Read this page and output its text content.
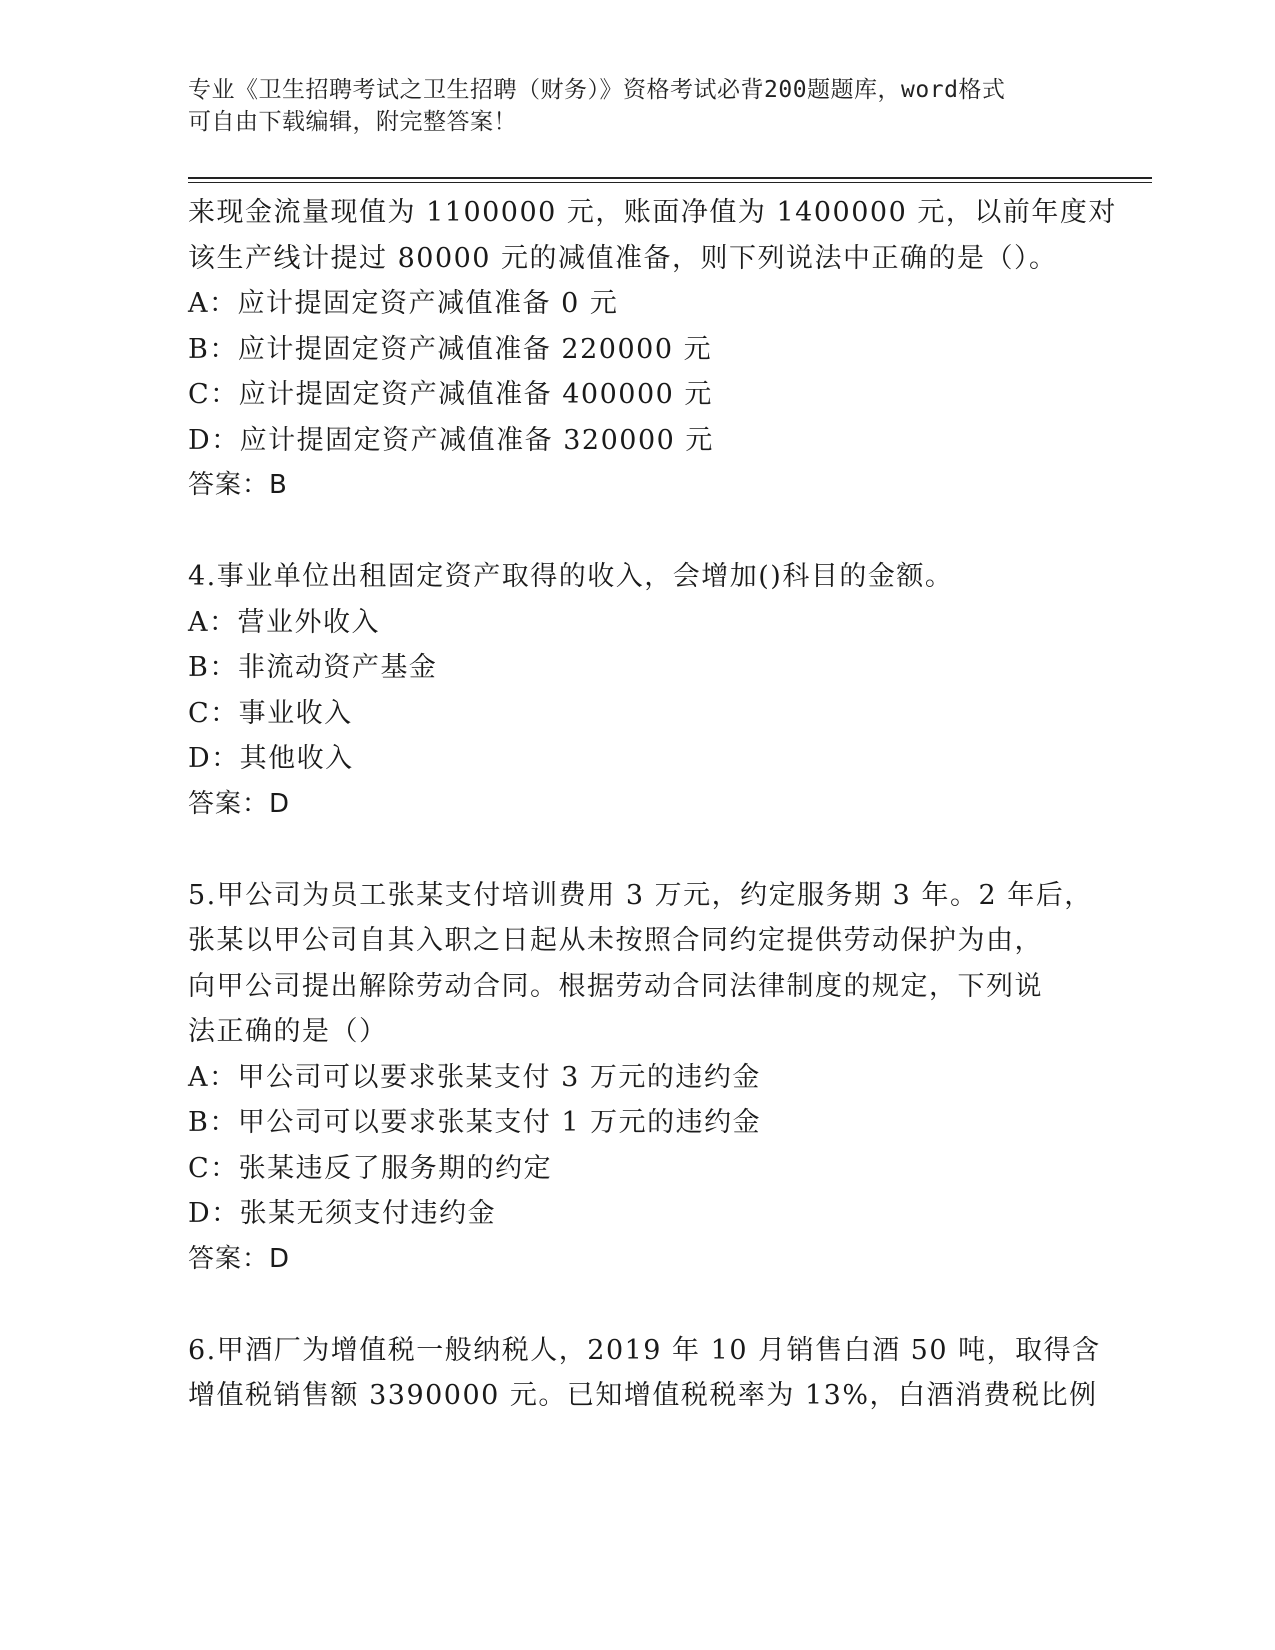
专业《卫生招聘考试之卫生招聘（财务）》资格考试必背200题题库，word格式
可自由下载编辑，附完整答案！
来现金流量现值为 1100000 元，账面净值为 1400000 元，以前年度对
该生产线计提过 80000 元的减值准备，则下列说法中正确的是（）。
A：应计提固定资产减值准备 0 元
B：应计提固定资产减值准备 220000 元
C：应计提固定资产减值准备 400000 元
D：应计提固定资产减值准备 320000 元
答案：B
4.事业单位出租固定资产取得的收入，会增加()科目的金额。
A：营业外收入
B：非流动资产基金
C：事业收入
D：其他收入
答案：D
5.甲公司为员工张某支付培训费用 3 万元，约定服务期 3 年。2 年后，
张某以甲公司自其入职之日起从未按照合同约定提供劳动保护为由，
向甲公司提出解除劳动合同。根据劳动合同法律制度的规定，下列说
法正确的是（）
A：甲公司可以要求张某支付 3 万元的违约金
B：甲公司可以要求张某支付 1 万元的违约金
C：张某违反了服务期的约定
D：张某无须支付违约金
答案：D
6.甲酒厂为增值税一般纳税人，2019 年 10 月销售白酒 50 吨，取得含
增值税销售额 3390000 元。已知增值税税率为 13%，白酒消费税比例
